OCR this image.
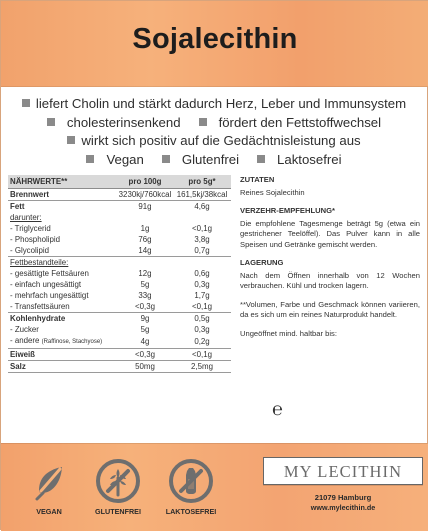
Sojalecithin
liefert Cholin und stärkt dadurch Herz, Leber und Immunsystem
cholesterinsenkend	fördert den Fettstoffwechsel
wirkt sich positiv auf die Gedächtnisleistung aus
Vegan	Glutenfrei	Laktosefrei
NÄHRWERTE**	pro 100g	pro 5g*
Brennwert	3230kj/760kcal 161,5kj/38kcal
Fett	91g	4,6g
darunter:
- Triglycerid	1g	<0,1g
- Phospholipid	76g	3,8g
- Glycolipid	14g	0,7g
Fettbestandteile:
- gesättigte Fettsäuren	12g	0,6g
- einfach ungesättigt	5g	0,3g
- mehrfach ungesättigt	33g	1,7g
- Transfettsäuren	<0,3g	<0,1g
Kohlenhydrate	9g	0,5g
- Zucker	5g	0,3g
- andere (Raffinose, Stachyose)	4g	0,2g
Eiweiß	<0,3g	<0,1g
Salz	50mg	2,5mg
ZUTATEN
Reines Sojalecithin
VERZEHR-EMPFEHLUNG*
Die empfohlene Tagesmenge beträgt 5g (etwa ein gestrichener Teelöffel). Das Pulver kann in alle Speisen und Getränke gemischt werden.
LAGERUNG
Nach dem Öffnen innerhalb von 12 Wochen verbrauchen. Kühl und trocken lagern.
**Volumen, Farbe und Geschmack können variieren, da es sich um ein reines Naturprodukt handelt.
Ungeöffnet mind. haltbar bis:
℮
VEGAN	GLUTENFREI	LAKTOSEFREI
MY LECITHIN
21079 Hamburg
www.mylecithin.de
